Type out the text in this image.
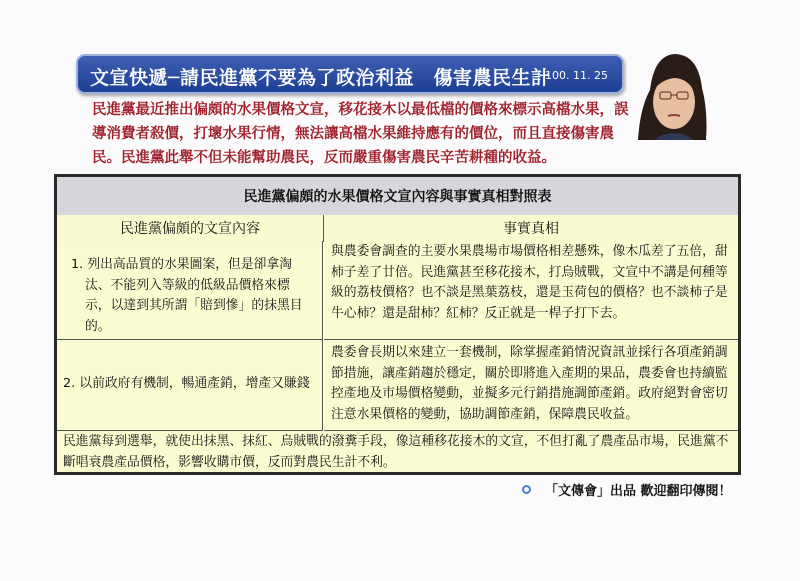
文宣快遞─請民進黨不要為了政治利益　傷害農民生計
100. 11. 25
民進黨最近推出偏頗的水果價格文宣，移花接木以最低檔的價格來標示高檔水果，誤導消費者殺價，打壞水果行情，無法讓高檔水果維持應有的價位，而且直接傷害農民。民進黨此舉不但未能幫助農民，反而嚴重傷害農民辛苦耕種的收益。
民進黨偏頗的水果價格文宣內容與事實真相對照表
民進黨偏頗的文宣內容	事實真相
1. 列出高品質的水果圖案，但是卻拿淘汰、不能列入等級的低級品價格來標示，以達到其所謂「賠到慘」的抹黑目的。
與農委會調查的主要水果農場市場價格相差懸殊，像木瓜差了五倍，甜柿子差了廿倍。民進黨甚至移花接木，打烏賊戰，文宣中不講是何種等級的荔枝價格？也不談是黑葉荔枝，還是玉荷包的價格？也不談柿子是牛心柿？還是甜柿？紅柿？反正就是一桿子打下去。
2. 以前政府有機制，暢通產銷，增產又賺錢
農委會長期以來建立一套機制，除掌握產銷情況資訊並採行各項產銷調節措施，讓產銷趨於穩定，關於即將進入產期的果品，農委會也持續監控產地及市場價格變動，並擬多元行銷措施調節產銷。政府絕對會密切注意水果價格的變動，協助調節產銷，保障農民收益。
民進黨每到選舉，就使出抹黑、抹紅、烏賊戰的潑糞手段，像這種移花接木的文宣，不但打亂了農產品市場，民進黨不斷唱衰農產品價格，影響收購市價，反而對農民生計不利。
「文傳會」出品 歡迎翻印傳閱！
